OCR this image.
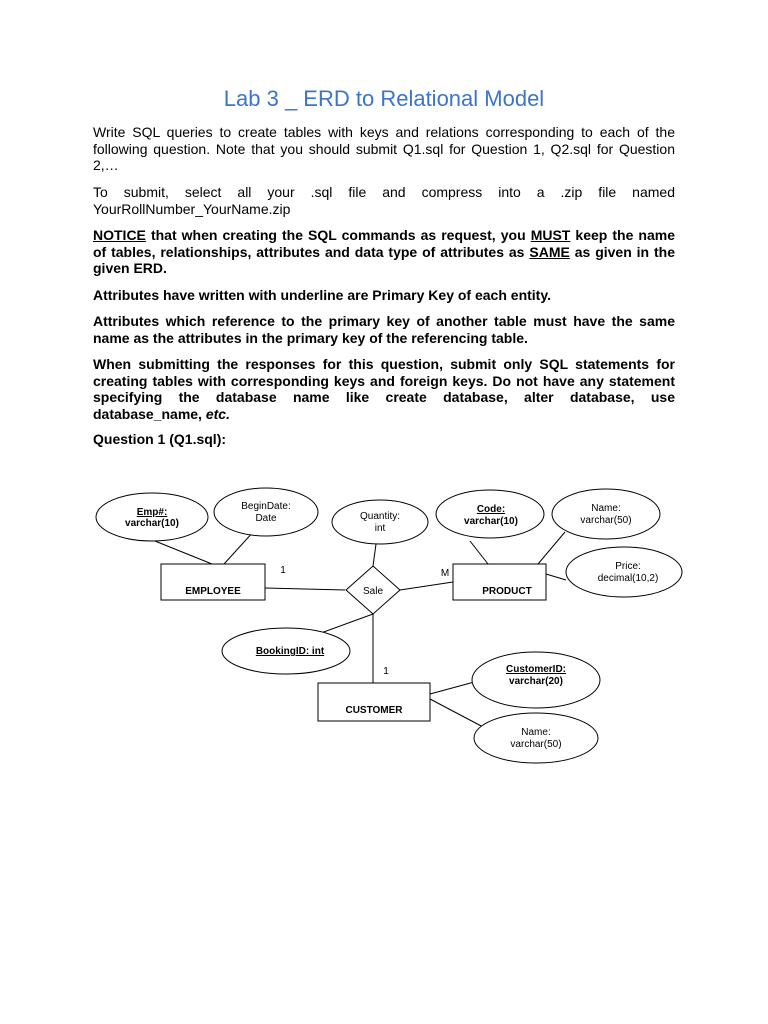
Lab 3 _ ERD to Relational Model

Write SQL queries to create tables with keys and relations corresponding to each of the following question. Note that you should submit Q1.sql for Question 1, Q2.sql for Question 2,…

To submit, select all your .sql file and compress into a .zip file named YourRollNumber_YourName.zip

NOTICE that when creating the SQL commands as request, you MUST keep the name of tables, relationships, attributes and data type of attributes as SAME as given in the given ERD.

Attributes have written with underline are Primary Key of each entity.

Attributes which reference to the primary key of another table must have the same name as the attributes in the primary key of the referencing table.

When submitting the responses for this question, submit only SQL statements for creating tables with corresponding keys and foreign keys. Do not have any statement specifying the database name like create database, alter database, use database_name, etc.

Question 1 (Q1.sql):

EMPLOYEE	PRODUCT
CUSTOMER
Sale
1	M
1
Emp#:
varchar(10)
BeginDate:
Date	Quantity:
int
Code:
varchar(10)
Name:
varchar(50)
Price:
decimal(10,2)
BookingID: int
CustomerID:
varchar(20)
Name:
varchar(50)
